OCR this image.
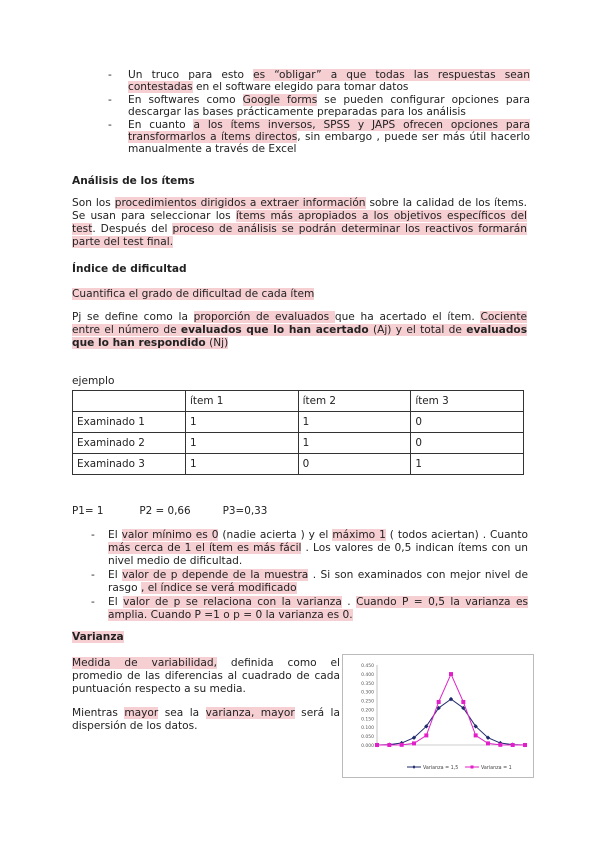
- Un truco para esto es “obligar” a que todas las respuestas sean contestadas en el software elegido para tomar datos
- En softwares como Google forms se pueden configurar opciones para descargar las bases prácticamente preparadas para los análisis
- En cuanto a los ítems inversos, SPSS y JAPS ofrecen opciones para transformarlos a ítems directos, sin embargo , puede ser más útil hacerlo manualmente a través de Excel
Análisis de los ítems

Son los procedimientos dirigidos a extraer información sobre la calidad de los ítems. Se usan para seleccionar los ítems más apropiados a los objetivos específicos del test. Después del proceso de análisis se podrán determinar los reactivos formarán parte del test final.

Índice de dificultad
Cuantifica el grado de dificultad de cada ítem

Pj se define como la proporción de evaluados que ha acertado el ítem. Cociente entre el número de evaluados que lo han acertado (Aj) y el total de evaluados que lo han respondido (Nj)

ejemplo
	ítem 1	ítem 2	ítem 3
Examinado 1	1	1	0
Examinado 2	1	1	0
Examinado 3	1	0	1
P1= 1	P2 = 0,66	P3=0,33
- El valor mínimo es 0 (nadie acierta ) y el máximo 1 ( todos aciertan) . Cuanto más cerca de 1 el ítem es más fácil . Los valores de 0,5 indican ítems con un nivel medio de dificultad.
- El valor de p depende de la muestra . Si son examinados con mejor nivel de rasgo , el índice se verá modificado
- El valor de p se relaciona con la varianza . Cuando P = 0,5 la varianza es amplia. Cuando P =1 o p = 0 la varianza es 0.
Varianza

Medida de variabilidad, definida como el promedio de las diferencias al cuadrado de cada puntuación respecto a su media.

Mientras mayor sea la varianza, mayor será la dispersión de los datos.

0.450
0.400
0.350
0.300
0.250
0.200
0.150
0.100
0.050
0.000
Varianza = 1,5	Varianza = 1
